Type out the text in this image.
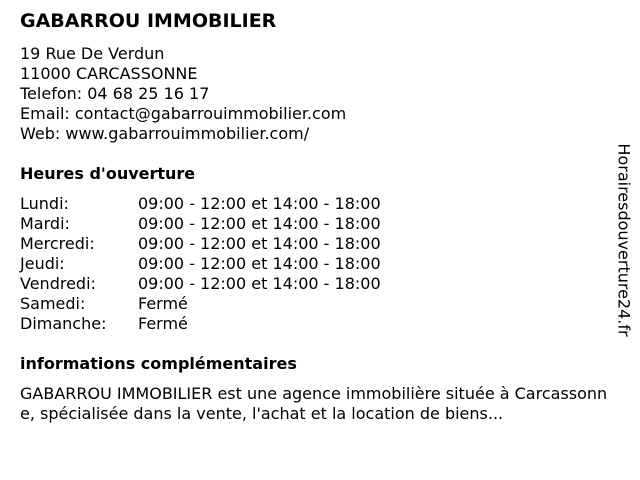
GABARROU IMMOBILIER
19 Rue De Verdun
11000 CARCASSONNE
Telefon: 04 68 25 16 17
Email: contact@gabarrouimmobilier.com
Web: www.gabarrouimmobilier.com/
Heures d'ouverture
Lundi:	09:00 - 12:00 et 14:00 - 18:00
Mardi:	09:00 - 12:00 et 14:00 - 18:00
Mercredi:	09:00 - 12:00 et 14:00 - 18:00
Jeudi:	09:00 - 12:00 et 14:00 - 18:00
Vendredi:	09:00 - 12:00 et 14:00 - 18:00
Samedi:	Fermé
Dimanche: Fermé
informations complémentaires
GABARROU IMMOBILIER est une agence immobilière située à Carcassonne, spécialisée dans la vente, l'achat et la location de biens...
Horairesdouverture24.fr
